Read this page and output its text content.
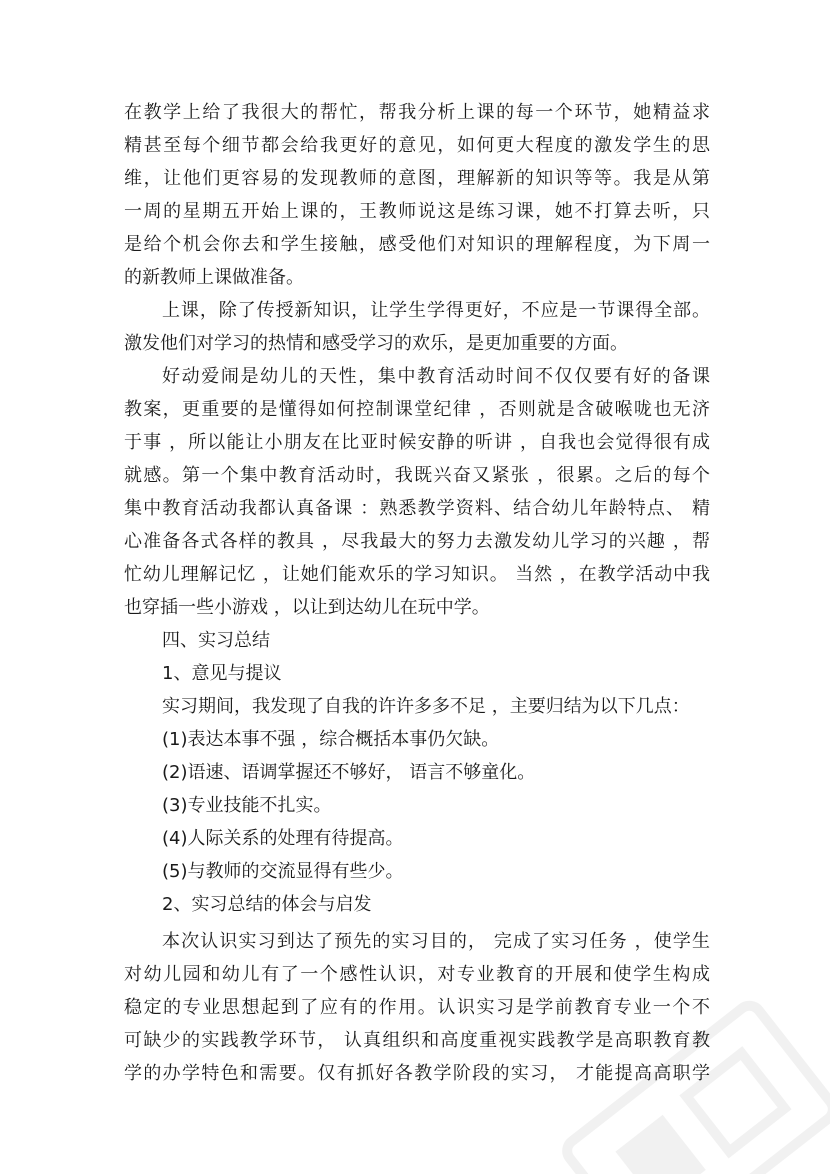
在教学上给了我很大的帮忙，帮我分析上课的每一个环节，她精益求
精甚至每个细节都会给我更好的意见，如何更大程度的激发学生的思
维，让他们更容易的发现教师的意图，理解新的知识等等。我是从第
一周的星期五开始上课的，王教师说这是练习课，她不打算去听，只
是给个机会你去和学生接触，感受他们对知识的理解程度，为下周一
的新教师上课做准备。
上课，除了传授新知识，让学生学得更好，不应是一节课得全部。
激发他们对学习的热情和感受学习的欢乐，是更加重要的方面。
好动爱闹是幼儿的天性，集中教育活动时间不仅仅要有好的备课
教案，更重要的是懂得如何控制课堂纪律 ，否则就是含破喉咙也无济
于事 ，所以能让小朋友在比亚时候安静的听讲 ，自我也会觉得很有成
就感。第一个集中教育活动时，我既兴奋又紧张 ，很累。之后的每个
集中教育活动我都认真备课 ：熟悉教学资料、结合幼儿年龄特点、 精
心准备各式各样的教具 ，尽我最大的努力去激发幼儿学习的兴趣 ，帮
忙幼儿理解记忆 ，让她们能欢乐的学习知识。 当然 ，在教学活动中我
也穿插一些小游戏 ，以让到达幼儿在玩中学。
四、实习总结
1、意见与提议
实习期间，我发现了自我的许许多多不足 ，主要归结为以下几点：
(1)表达本事不强 ，综合概括本事仍欠缺。
(2)语速、语调掌握还不够好， 语言不够童化。
(3)专业技能不扎实。
(4)人际关系的处理有待提高。
(5)与教师的交流显得有些少。
2、实习总结的体会与启发
本次认识实习到达了预先的实习目的， 完成了实习任务 ，使学生
对幼儿园和幼儿有了一个感性认识，对专业教育的开展和使学生构成
稳定的专业思想起到了应有的作用。认识实习是学前教育专业一个不
可缺少的实践教学环节， 认真组织和高度重视实践教学是高职教育教
学的办学特色和需要。仅有抓好各教学阶段的实习， 才能提高高职学
